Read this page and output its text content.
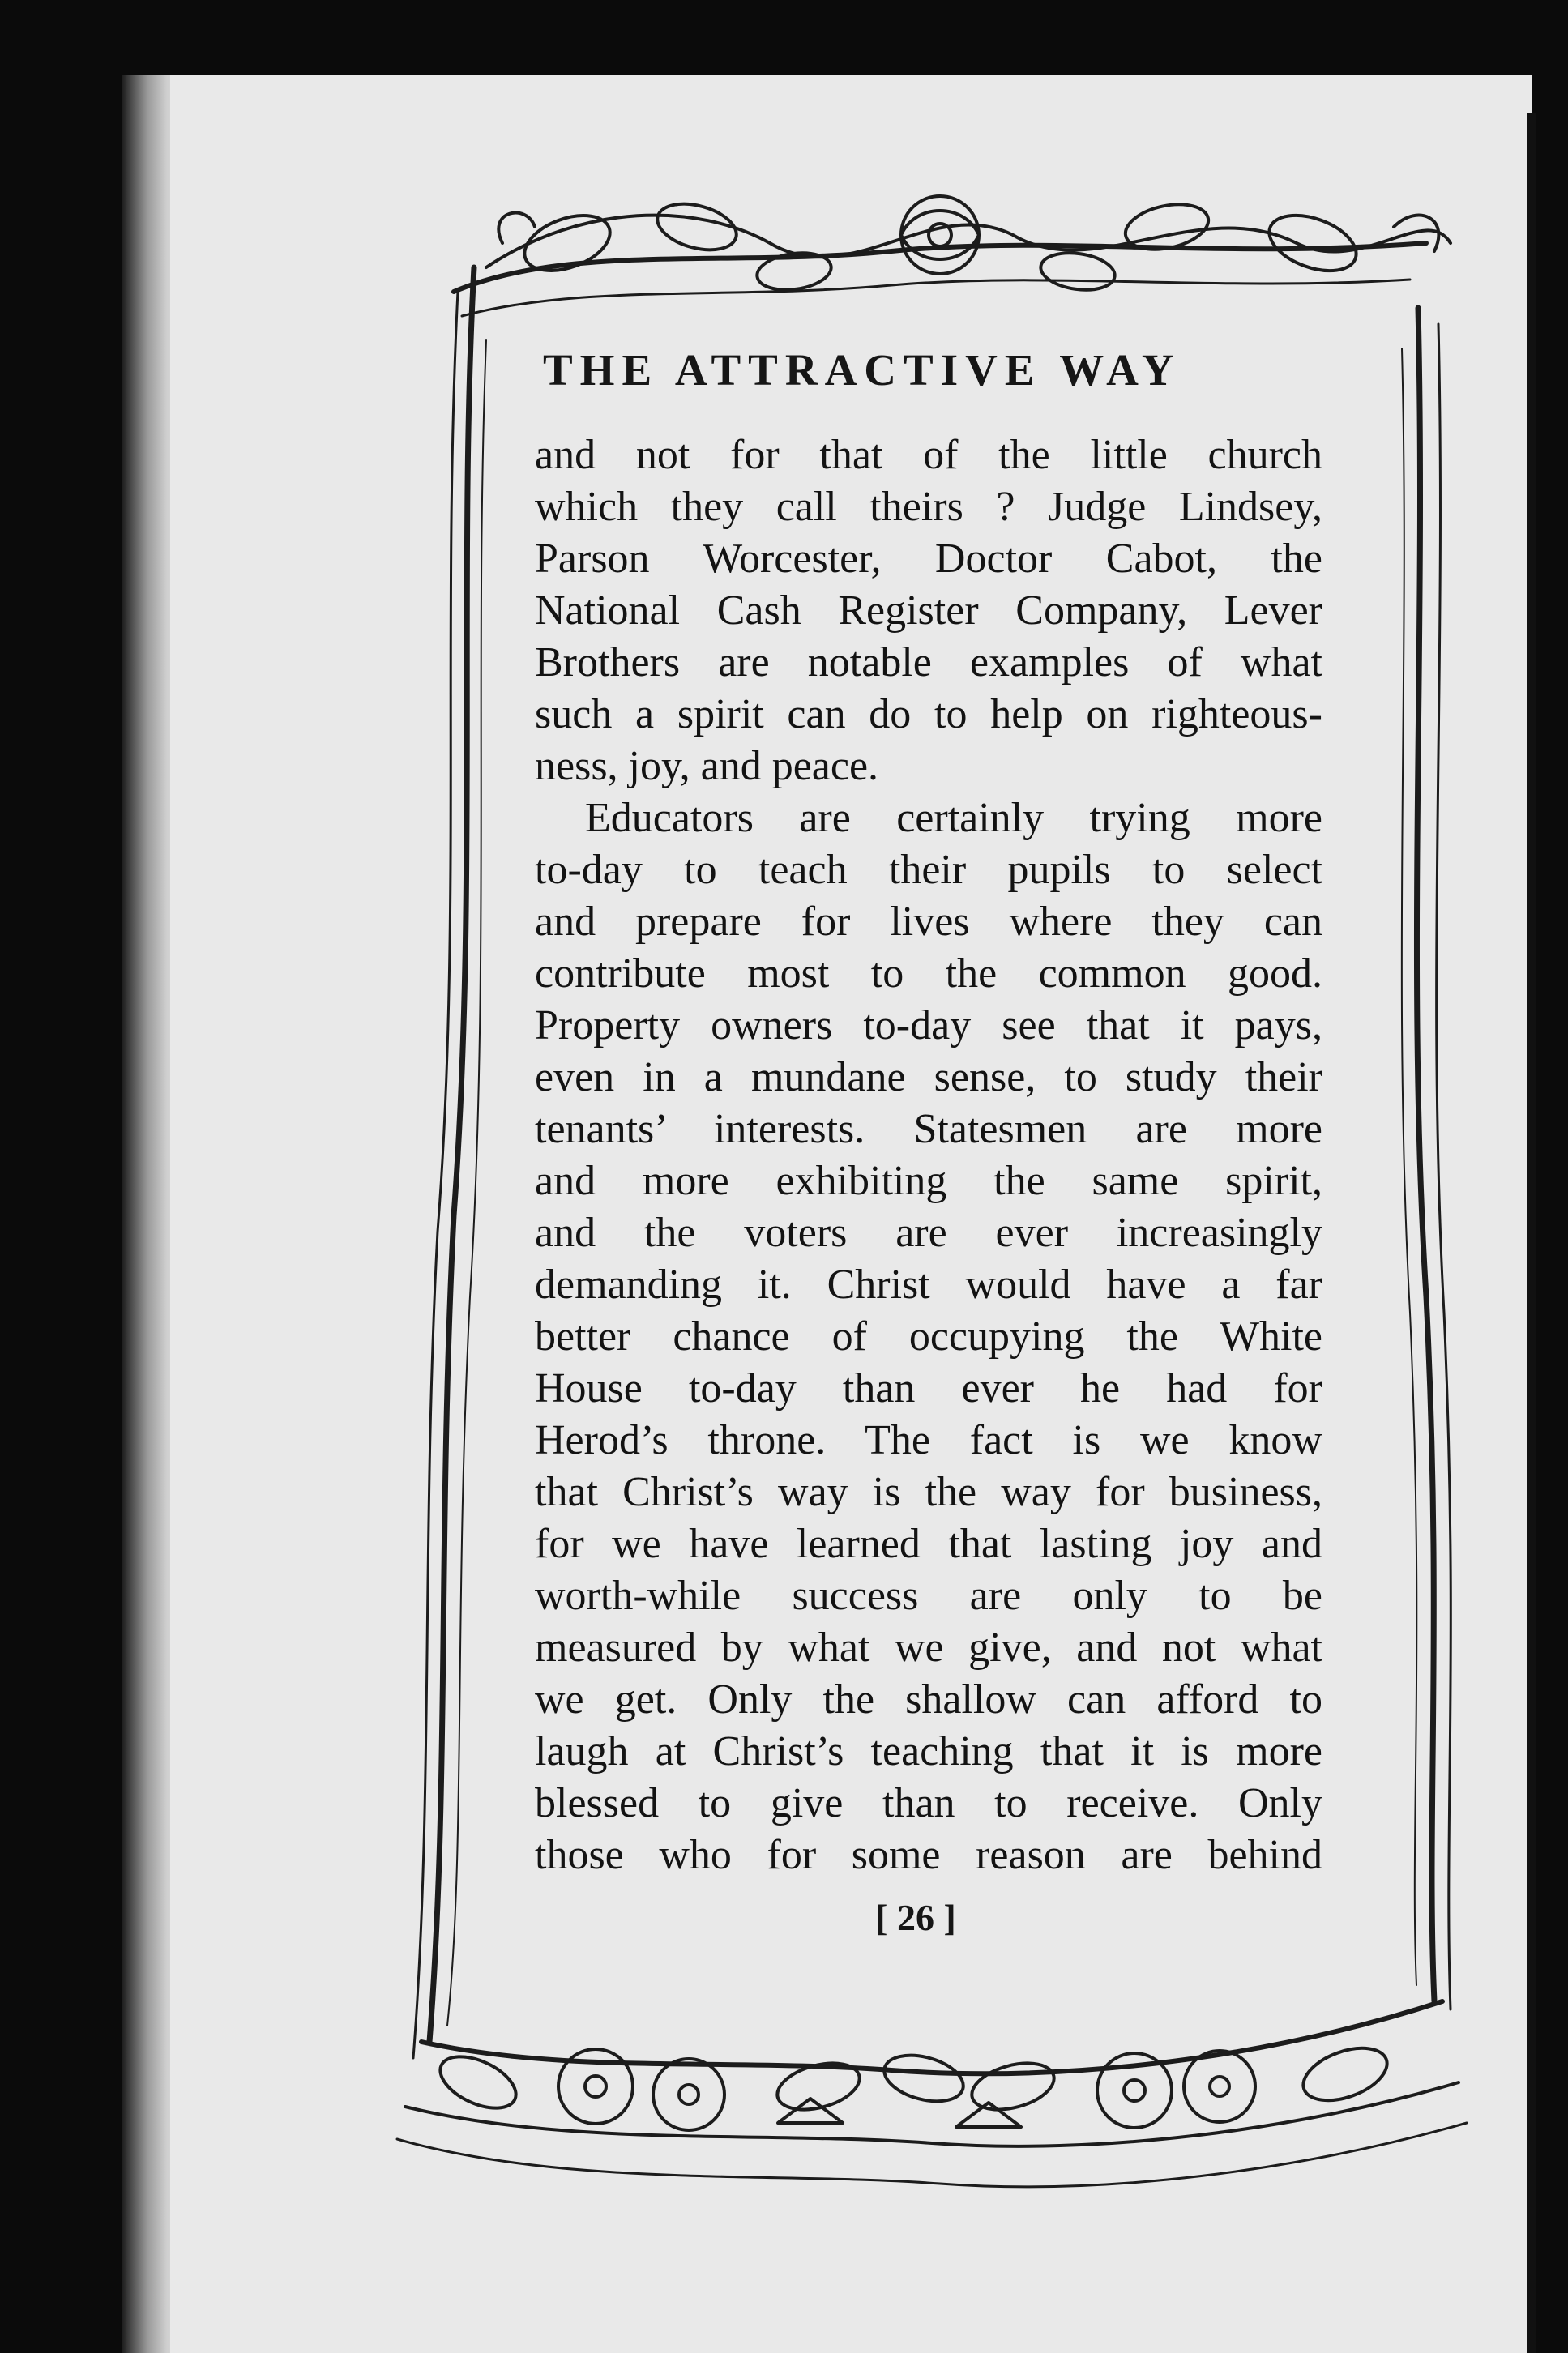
THE ATTRACTIVE WAY

and not for that of the little church
which they call theirs ? Judge Lindsey,
Parson Worcester, Doctor Cabot, the
National Cash Register Company, Lever
Brothers are notable examples of what
such a spirit can do to help on righteous-
ness, joy, and peace.

Educators are certainly trying more
to-day to teach their pupils to select
and prepare for lives where they can
contribute most to the common good.
Property owners to-day see that it pays,
even in a mundane sense, to study their
tenants’ interests. Statesmen are more
and more exhibiting the same spirit,
and the voters are ever increasingly
demanding it. Christ would have a far
better chance of occupying the White
House to-day than ever he had for
Herod’s throne. The fact is we know
that Christ’s way is the way for business,
for we have learned that lasting joy and
worth-while success are only to be
measured by what we give, and not what
we get. Only the shallow can afford to
laugh at Christ’s teaching that it is more
blessed to give than to receive. Only
those who for some reason are behind

[ 26 ]
